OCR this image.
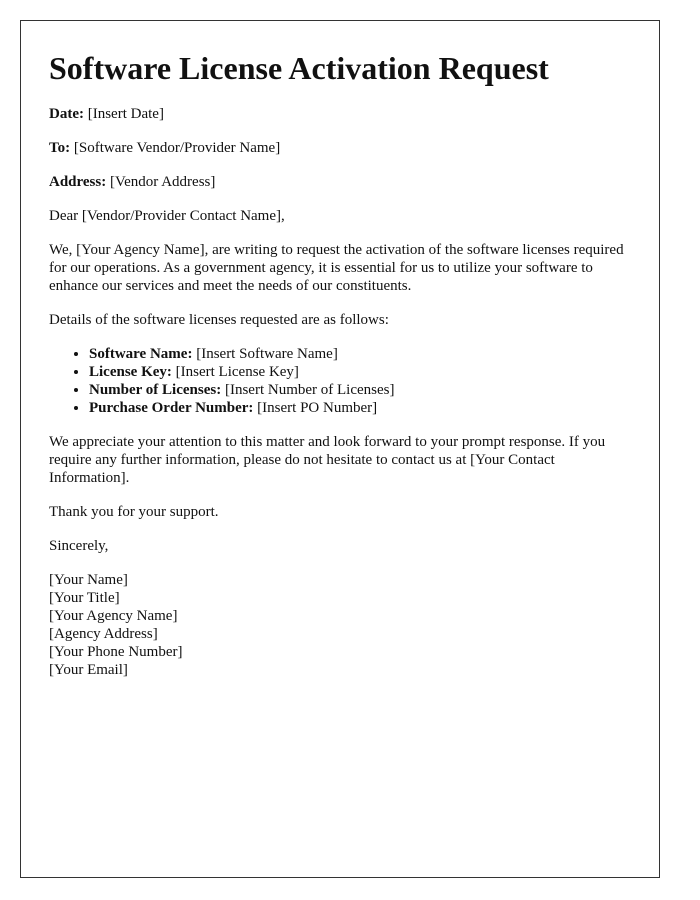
Software License Activation Request

Date: [Insert Date]

To: [Software Vendor/Provider Name]

Address: [Vendor Address]

Dear [Vendor/Provider Contact Name],

We, [Your Agency Name], are writing to request the activation of the software licenses required for our operations. As a government agency, it is essential for us to utilize your software to enhance our services and meet the needs of our constituents.

Details of the software licenses requested are as follows:

• Software Name: [Insert Software Name]
• License Key: [Insert License Key]
• Number of Licenses: [Insert Number of Licenses]
• Purchase Order Number: [Insert PO Number]

We appreciate your attention to this matter and look forward to your prompt response. If you require any further information, please do not hesitate to contact us at [Your Contact Information].

Thank you for your support.

Sincerely,

[Your Name]
[Your Title]
[Your Agency Name]
[Agency Address]
[Your Phone Number]
[Your Email]
